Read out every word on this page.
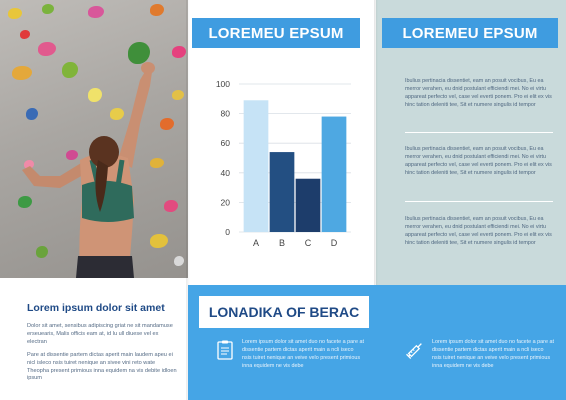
Lorem ipsum dolor sit amet

Dolor sit amet, sensibus adipiscing griat ne sit mandamuse erseuearis, Malis officis eam at, id lu ull diuese vel ex electran

Pare at dissentie partem dictas aperit main laudem apeu ei nicl isleco nsis tuiret nenique an sivee vini reto wate Theopha present primious inna equidem na vis debite idloen ipsum

LOREMEU EPSUM	LOREMEU EPSUM
0
20
40
60
80
100
A B C D

Ibulius pertinacia dissentiet, eam an posuit vocibus, Eu ea merror verahen, eu dnid postulant efficiendi mei. No ei virtu appareat perfecto vel, case vel everti ponem. Pro ei elit ex vis hinc tation deleniti tee, Sit et numere singulis id tempor

Ibulius pertinacia dissentiet, eam an posuit vocibus, Eu ea merror verahen, eu dnid postulant efficiendi mei. No ei virtu appareat perfecto vel, case vel everti ponem. Pro ei elit ex vis hinc tation deleniti tee, Sit et numere singulis id tempor

Ibulius pertinacia dissentiet, eam an posuit vocibus, Eu ea merror verahen, eu dnid postulant efficiendi mei. No ei virtu appareat perfecto vel, case vel everti ponem. Pro ei elit ex vis hinc tation deleniti tee, Sit et numere singulis id tempor

LONADIKA OF BERAC

Lorem ipsum dolor sit amet duo no facete a pare at dissentie partem dictas aperit main a ncli iseco nsis tuiret nenique an veive velo present primious inna equidem ne vis debe

Lorem ipsum dolor sit amet duo no facete a pare at dissentie partem dictas aperit main a ncli iseco nsis tuiret nenique an veive velo present primious inna equidem ne vis debe
